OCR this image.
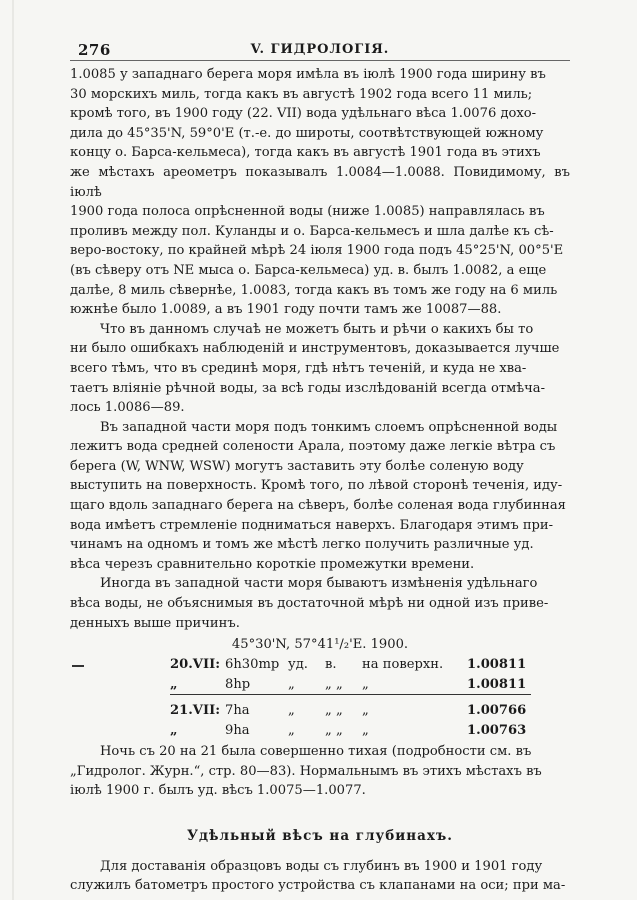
276	V. ГИДРОЛОГІЯ.

1.0085 у западнаго берега моря имѣла въ іюлѣ 1900 года ширину въ
30 морскихъ миль, тогда какъ въ августѣ 1902 года всего 11 миль;
кромѣ того, въ 1900 году (22. VII) вода удѣльнаго вѣса 1.0076 дохо-
дила до 45°35'N, 59°0'E (т.-е. до широты, соотвѣтствующей южному
концу о. Барса-кельмеса), тогда какъ въ августѣ 1901 года въ этихъ
же мѣстахъ ареометръ показывалъ 1.0084—1.0088. Повидимому, въ іюлѣ
1900 года полоса опрѣсненной воды (ниже 1.0085) направлялась въ
проливъ между пол. Куланды и о. Барса-кельмесъ и шла далѣе къ сѣ-
веро-востоку, по крайней мѣрѣ 24 іюля 1900 года подъ 45°25'N, 00°5'E
(въ сѣверу отъ NE мыса о. Барса-кельмеса) уд. в. былъ 1.0082, а еще
далѣе, 8 миль сѣвернѣе, 1.0083, тогда какъ въ томъ же году на 6 миль
южнѣе было 1.0089, а въ 1901 году почти тамъ же 10087—88.

Что въ данномъ случаѣ не можетъ быть и рѣчи о какихъ бы то
ни было ошибкахъ наблюденій и инструментовъ, доказывается лучше
всего тѣмъ, что въ срединѣ моря, гдѣ нѣтъ теченій, и куда не хва-
таетъ вліяніе рѣчной воды, за всѣ годы изслѣдованій всегда отмѣча-
лось 1.0086—89.

Въ западной части моря подъ тонкимъ слоемъ опрѣсненной воды
лежитъ вода средней солености Арала, поэтому даже легкіе вѣтра съ
берега (W, WNW, WSW) могутъ заставить эту болѣе соленую воду
выступить на поверхность. Кромѣ того, по лѣвой сторонѣ теченія, иду-
щаго вдоль западнаго берега на сѣверъ, болѣе соленая вода глубинная
вода имѣетъ стремленіе подниматься наверхъ. Благодаря этимъ при-
чинамъ на одномъ и томъ же мѣстѣ легко получить различные уд.
вѣса черезъ сравнительно короткіе промежутки времени.

Иногда въ западной части моря бываютъ измѣненія удѣльнаго
вѣса воды, не объяснимыя въ достаточной мѣрѣ ни одной изъ приве-
денныхъ выше причинъ.

45°30'N, 57°41¹/₂'E. 1900.
20.VII:	6h30mp	уд.	в.	на поверхн.	1.00811
„	8hp	„	„ „	„	1.00811

21.VII:	7ha	„	„ „	„	1.00766
„	9ha	„	„ „	„	1.00763

Ночь съ 20 на 21 была совершенно тихая (подробности см. въ
„Гидролог. Журн.“, стр. 80—83). Нормальнымъ въ этихъ мѣстахъ въ
іюлѣ 1900 г. былъ уд. вѣсъ 1.0075—1.0077.

Удѣльный вѣсъ на глубинахъ.

Для доставанія образцовъ воды съ глубинъ въ 1900 и 1901 году
служилъ батометръ простого устройства съ клапанами на оси; при ма-
